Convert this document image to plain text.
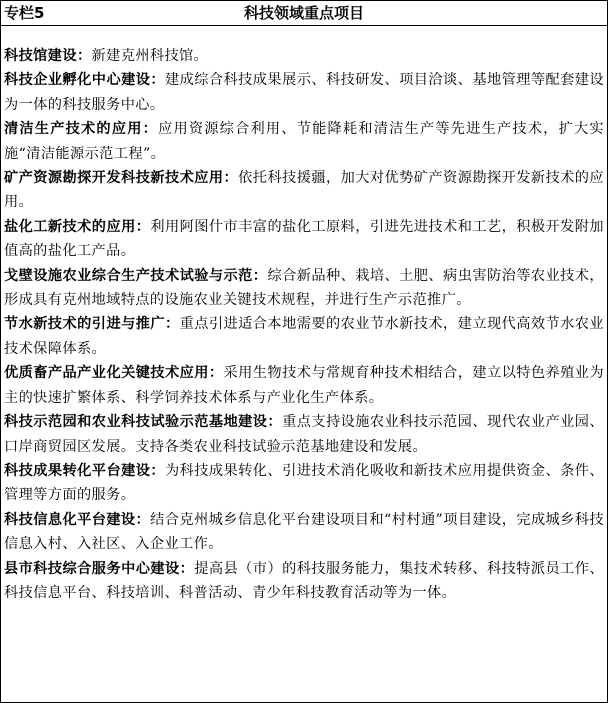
专栏5	科技领域重点项目
科技馆建设：新建克州科技馆。
科技企业孵化中心建设：建成综合科技成果展示、科技研发、项目洽谈、基地管理等配套建设为一体的科技服务中心。
清洁生产技术的应用：应用资源综合利用、节能降耗和清洁生产等先进生产技术，扩大实施“清洁能源示范工程”。
矿产资源勘探开发科技新技术应用：依托科技援疆，加大对优势矿产资源勘探开发新技术的应用。
盐化工新技术的应用：利用阿图什市丰富的盐化工原料，引进先进技术和工艺，积极开发附加值高的盐化工产品。
戈壁设施农业综合生产技术试验与示范：综合新品种、栽培、土肥、病虫害防治等农业技术，形成具有克州地域特点的设施农业关键技术规程，并进行生产示范推广。
节水新技术的引进与推广：重点引进适合本地需要的农业节水新技术，建立现代高效节水农业技术保障体系。
优质畜产品产业化关键技术应用：采用生物技术与常规育种技术相结合，建立以特色养殖业为主的快速扩繁体系、科学饲养技术体系与产业化生产体系。
科技示范园和农业科技试验示范基地建设：重点支持设施农业科技示范园、现代农业产业园、口岸商贸园区发展。支持各类农业科技试验示范基地建设和发展。
科技成果转化平台建设：为科技成果转化、引进技术消化吸收和新技术应用提供资金、条件、管理等方面的服务。
科技信息化平台建设：结合克州城乡信息化平台建设项目和“村村通”项目建设，完成城乡科技信息入村、入社区、入企业工作。
县市科技综合服务中心建设：提高县（市）的科技服务能力，集技术转移、科技特派员工作、科技信息平台、科技培训、科普活动、青少年科技教育活动等为一体。
